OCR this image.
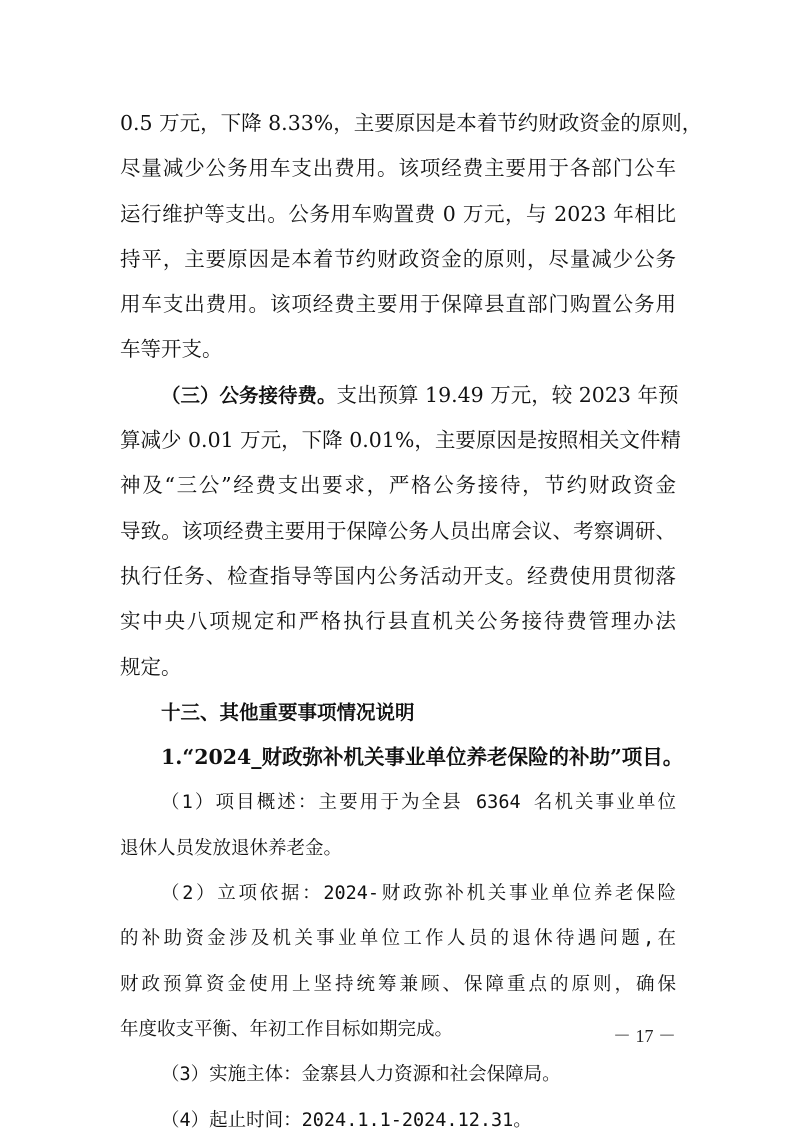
0.5 万元，下降 8.33%，主要原因是本着节约财政资金的原则，
尽量减少公务用车支出费用。该项经费主要用于各部门公车
运行维护等支出。公务用车购置费 0 万元，与 2023 年相比
持平，主要原因是本着节约财政资金的原则，尽量减少公务
用车支出费用。该项经费主要用于保障县直部门购置公务用
车等开支。
（三）公务接待费。支出预算 19.49 万元，较 2023 年预
算减少 0.01 万元，下降 0.01%，主要原因是按照相关文件精
神及“三公”经费支出要求，严格公务接待，节约财政资金
导致。该项经费主要用于保障公务人员出席会议、考察调研、
执行任务、检查指导等国内公务活动开支。经费使用贯彻落
实中央八项规定和严格执行县直机关公务接待费管理办法
规定。
十三、其他重要事项情况说明
1.“2024_财政弥补机关事业单位养老保险的补助”项目。
（1）项目概述：主要用于为全县 6364 名机关事业单位
退休人员发放退休养老金。
（2）立项依据：2024-财政弥补机关事业单位养老保险
的补助资金涉及机关事业单位工作人员的退休待遇问题,在
财政预算资金使用上坚持统筹兼顾、保障重点的原则，确保
年度收支平衡、年初工作目标如期完成。
（3）实施主体：金寨县人力资源和社会保障局。
（4）起止时间：2024.1.1-2024.12.31。
－ 17 －
